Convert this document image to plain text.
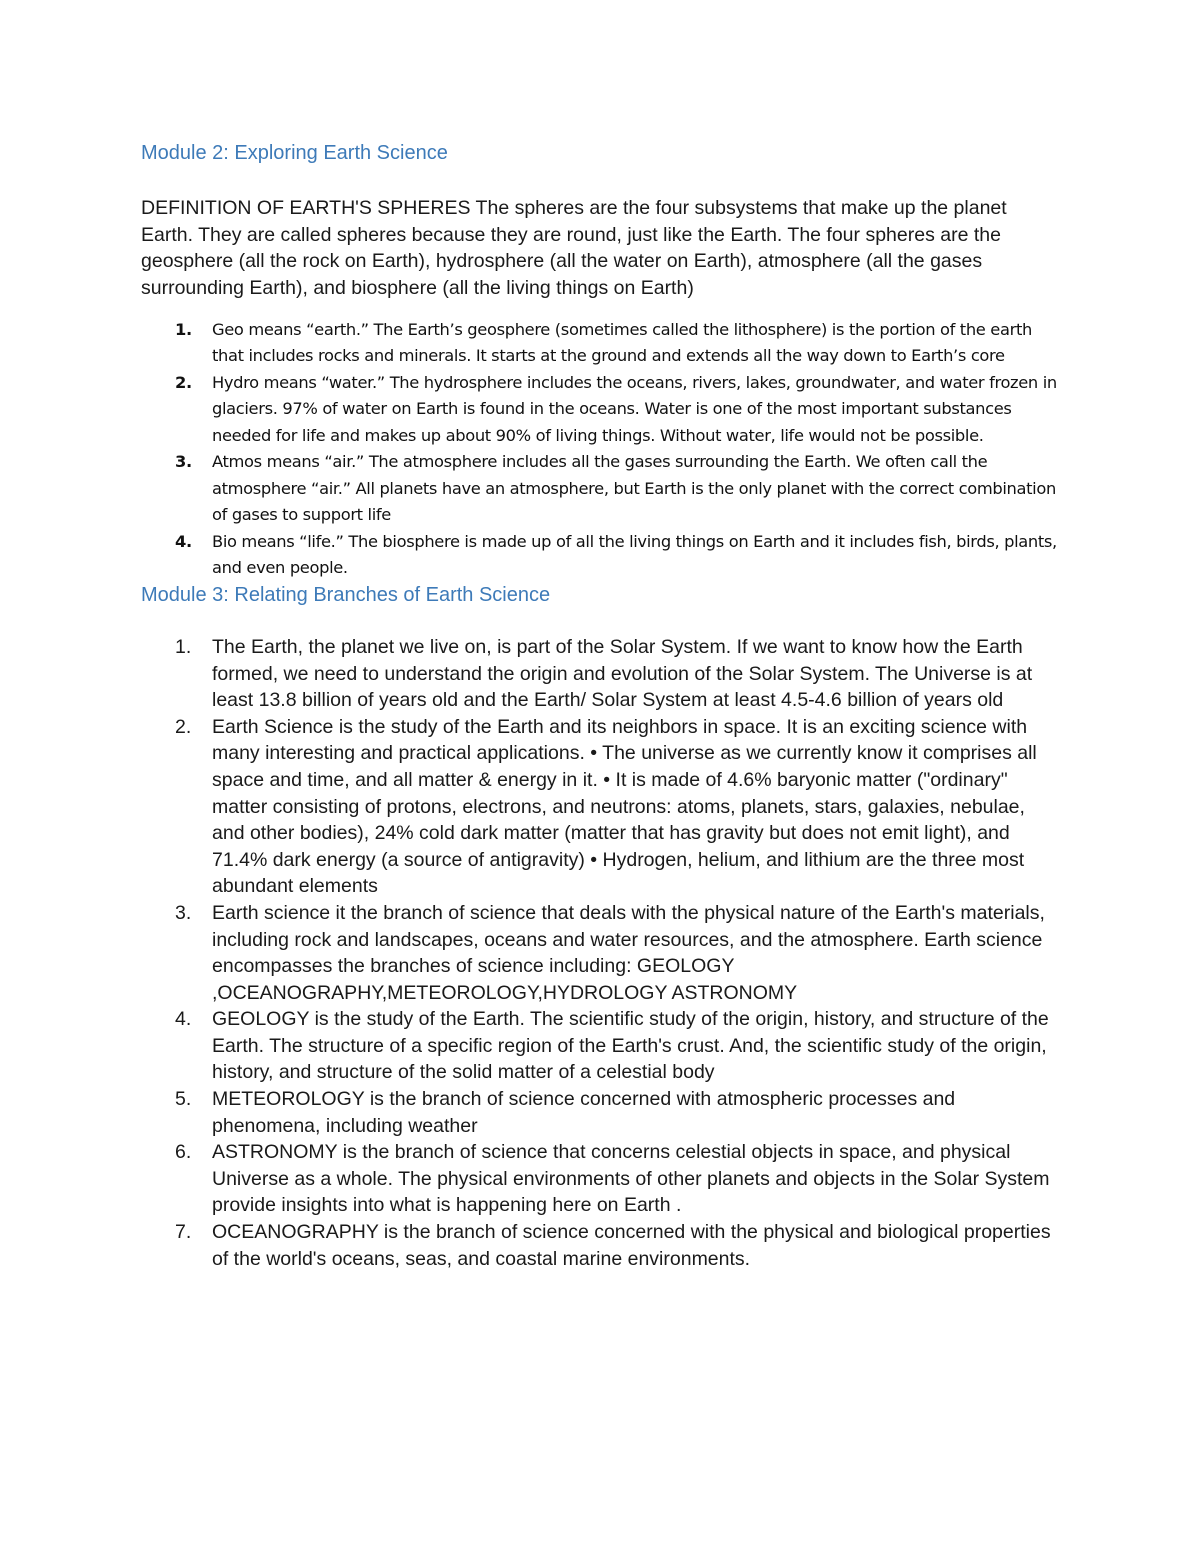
Module 2: Exploring Earth Science

DEFINITION OF EARTH'S SPHERES The spheres are the four subsystems that make up the planet Earth. They are called spheres because they are round, just like the Earth. The four spheres are the geosphere (all the rock on Earth), hydrosphere (all the water on Earth), atmosphere (all the gases surrounding Earth), and biosphere (all the living things on Earth)

1. Geo means “earth.” The Earth’s geosphere (sometimes called the lithosphere) is the portion of the earth that includes rocks and minerals. It starts at the ground and extends all the way down to Earth’s core
2. Hydro means “water.” The hydrosphere includes the oceans, rivers, lakes, groundwater, and water frozen in glaciers. 97% of water on Earth is found in the oceans. Water is one of the most important substances needed for life and makes up about 90% of living things. Without water, life would not be possible.
3. Atmos means “air.” The atmosphere includes all the gases surrounding the Earth. We often call the atmosphere “air.” All planets have an atmosphere, but Earth is the only planet with the correct combination of gases to support life
4. Bio means “life.” The biosphere is made up of all the living things on Earth and it includes fish, birds, plants, and even people.
Module 3: Relating Branches of Earth Science
1. The Earth, the planet we live on, is part of the Solar System. If we want to know how the Earth formed, we need to understand the origin and evolution of the Solar System. The Universe is at least 13.8 billion of years old and the Earth/ Solar System at least 4.5-4.6 billion of years old
2. Earth Science is the study of the Earth and its neighbors in space. It is an exciting science with many interesting and practical applications. • The universe as we currently know it comprises all space and time, and all matter & energy in it. • It is made of 4.6% baryonic matter ("ordinary" matter consisting of protons, electrons, and neutrons: atoms, planets, stars, galaxies, nebulae, and other bodies), 24% cold dark matter (matter that has gravity but does not emit light), and 71.4% dark energy (a source of antigravity) • Hydrogen, helium, and lithium are the three most abundant elements
3. Earth science it the branch of science that deals with the physical nature of the Earth's materials, including rock and landscapes, oceans and water resources, and the atmosphere. Earth science encompasses the branches of science including: GEOLOGY ,OCEANOGRAPHY,METEOROLOGY,HYDROLOGY ASTRONOMY
4. GEOLOGY is the study of the Earth. The scientific study of the origin, history, and structure of the Earth. The structure of a specific region of the Earth's crust. And, the scientific study of the origin, history, and structure of the solid matter of a celestial body
5. METEOROLOGY is the branch of science concerned with atmospheric processes and phenomena, including weather
6. ASTRONOMY is the branch of science that concerns celestial objects in space, and physical Universe as a whole. The physical environments of other planets and objects in the Solar System provide insights into what is happening here on Earth .
7. OCEANOGRAPHY is the branch of science concerned with the physical and biological properties of the world's oceans, seas, and coastal marine environments.
